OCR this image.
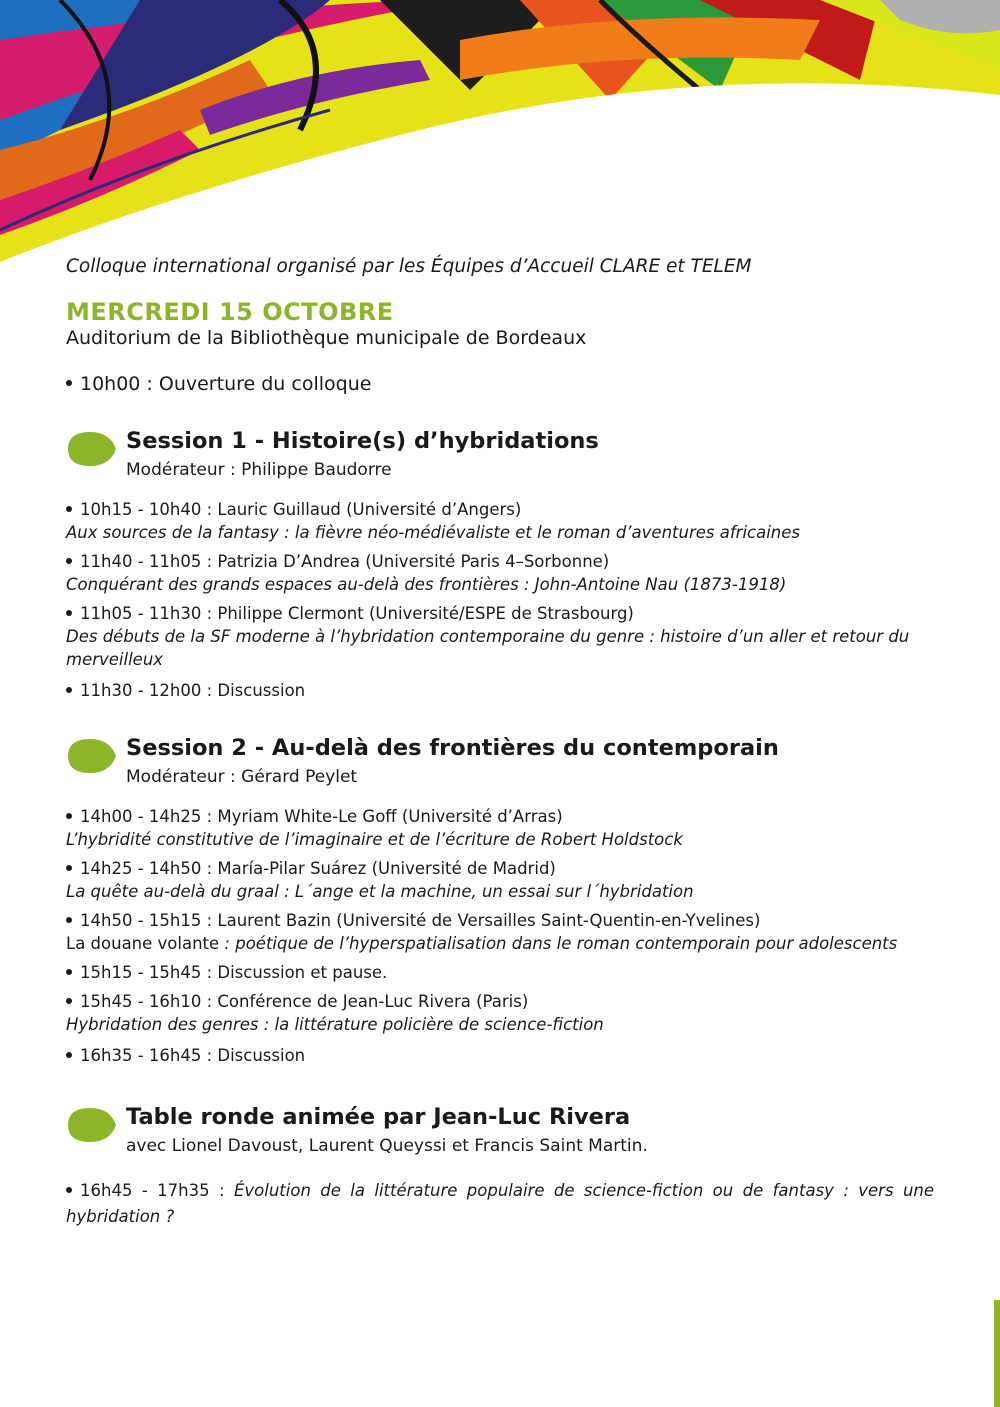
Colloque international organisé par les Équipes d’Accueil CLARE et TELEM
MERCREDI 15 OCTOBRE
Auditorium de la Bibliothèque municipale de Bordeaux
10h00 : Ouverture du colloque
Session 1 - Histoire(s) d’hybridations
Modérateur : Philippe Baudorre
10h15 - 10h40 : Lauric Guillaud (Université d’Angers)
Aux sources de la fantasy : la fièvre néo-médiévaliste et le roman d’aventures africaines
11h40 - 11h05 : Patrizia D’Andrea (Université Paris 4–Sorbonne)
Conquérant des grands espaces au-delà des frontières : John-Antoine Nau (1873-1918)
11h05 - 11h30 : Philippe Clermont (Université/ESPE de Strasbourg)
Des débuts de la SF moderne à l’hybridation contemporaine du genre : histoire d’un aller et retour du merveilleux
11h30 - 12h00 : Discussion
Session 2 - Au-delà des frontières du contemporain
Modérateur : Gérard Peylet
14h00 - 14h25 : Myriam White-Le Goff (Université d’Arras)
L’hybridité constitutive de l’imaginaire et de l’écriture de Robert Holdstock
14h25 - 14h50 : María-Pilar Suárez (Université de Madrid)
La quête au-delà du graal : L´ange et la machine, un essai sur l´hybridation
14h50 - 15h15 : Laurent Bazin (Université de Versailles Saint-Quentin-en-Yvelines)
La douane volante : poétique de l’hyperspatialisation dans le roman contemporain pour adolescents
15h15 - 15h45 : Discussion et pause.
15h45 - 16h10 : Conférence de Jean-Luc Rivera (Paris)
Hybridation des genres : la littérature policière de science-fiction
16h35 - 16h45 : Discussion
Table ronde animée par Jean-Luc Rivera
avec Lionel Davoust, Laurent Queyssi et Francis Saint Martin.
16h45 - 17h35 : Évolution de la littérature populaire de science-fiction ou de fantasy : vers une hybridation ?
